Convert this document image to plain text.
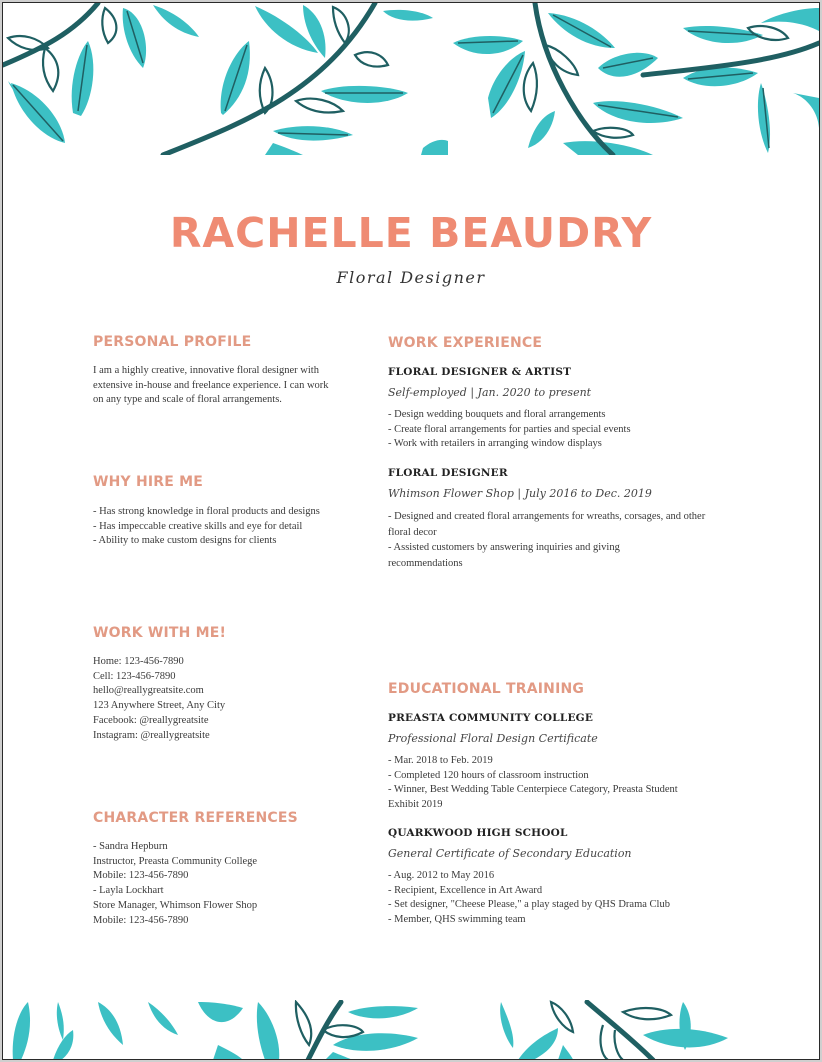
RACHELLE BEAUDRY
Floral Designer
PERSONAL PROFILE
I am a highly creative, innovative floral designer with
extensive in-house and freelance experience. I can work
on any type and scale of floral arrangements.
WHY HIRE ME
- Has strong knowledge in floral products and designs
- Has impeccable creative skills and eye for detail
- Ability to make custom designs for clients
WORK WITH ME!
Home: 123-456-7890
Cell: 123-456-7890
hello@reallygreatsite.com
123 Anywhere Street, Any City
Facebook: @reallygreatsite
Instagram: @reallygreatsite
CHARACTER REFERENCES
- Sandra Hepburn
Instructor, Preasta Community College
Mobile: 123-456-7890
- Layla Lockhart
Store Manager, Whimson Flower Shop
Mobile: 123-456-7890
WORK EXPERIENCE
FLORAL DESIGNER & ARTIST
Self-employed | Jan. 2020 to present
- Design wedding bouquets and floral arrangements
- Create floral arrangements for parties and special events
- Work with retailers in arranging window displays
FLORAL DESIGNER
Whimson Flower Shop | July 2016 to Dec. 2019
- Designed and created floral arrangements for wreaths, corsages, and other
floral decor
- Assisted customers by answering inquiries and giving
recommendations
EDUCATIONAL TRAINING
PREASTA COMMUNITY COLLEGE
Professional Floral Design Certificate
- Mar. 2018 to Feb. 2019
- Completed 120 hours of classroom instruction
- Winner, Best Wedding Table Centerpiece Category, Preasta Student
Exhibit 2019
QUARKWOOD HIGH SCHOOL
General Certificate of Secondary Education
- Aug. 2012 to May 2016
- Recipient, Excellence in Art Award
- Set designer, "Cheese Please," a play staged by QHS Drama Club
- Member, QHS swimming team
